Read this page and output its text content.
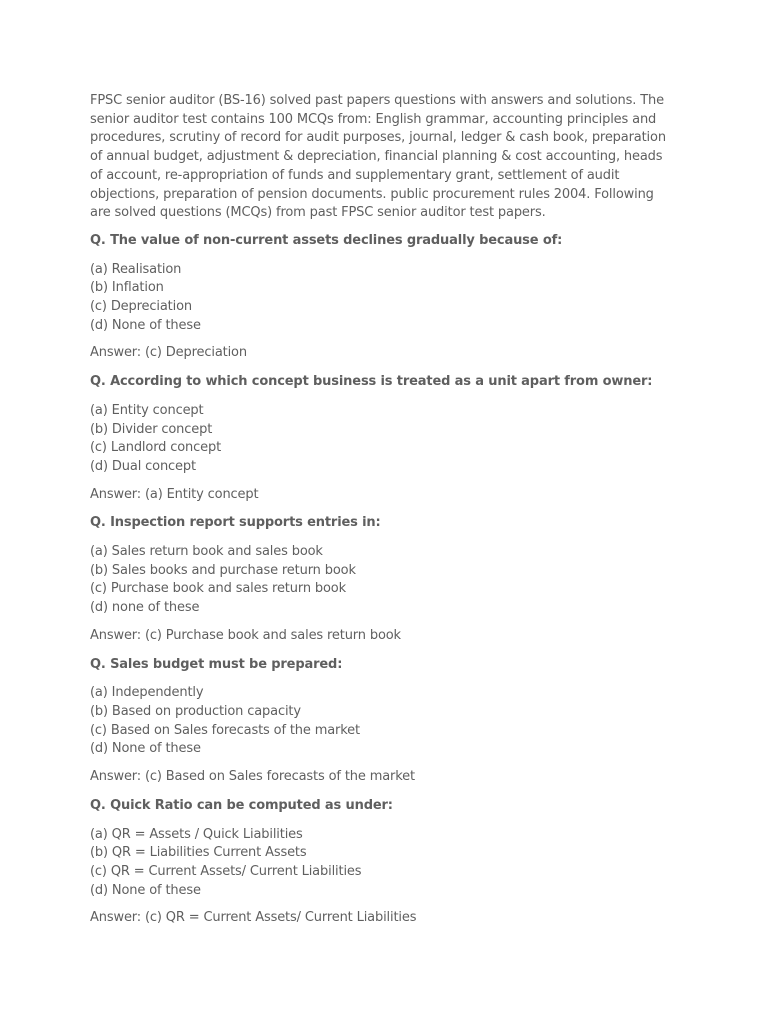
FPSC senior auditor (BS-16) solved past papers questions with answers and solutions. The senior auditor test contains 100 MCQs from: English grammar, accounting principles and procedures, scrutiny of record for audit purposes, journal, ledger & cash book, preparation of annual budget, adjustment & depreciation, financial planning & cost accounting, heads of account, re-appropriation of funds and supplementary grant, settlement of audit objections, preparation of pension documents. public procurement rules 2004. Following are solved questions (MCQs) from past FPSC senior auditor test papers.

Q. The value of non-current assets declines gradually because of:

(a) Realisation
(b) Inflation
(c) Depreciation
(d) None of these

Answer: (c) Depreciation

Q. According to which concept business is treated as a unit apart from owner:

(a) Entity concept
(b) Divider concept
(c) Landlord concept
(d) Dual concept

Answer: (a) Entity concept

Q. Inspection report supports entries in:

(a) Sales return book and sales book
(b) Sales books and purchase return book
(c) Purchase book and sales return book
(d) none of these

Answer: (c) Purchase book and sales return book

Q. Sales budget must be prepared:

(a) Independently
(b) Based on production capacity
(c) Based on Sales forecasts of the market
(d) None of these

Answer: (c) Based on Sales forecasts of the market

Q. Quick Ratio can be computed as under:

(a) QR = Assets / Quick Liabilities
(b) QR = Liabilities Current Assets
(c) QR = Current Assets/ Current Liabilities
(d) None of these

Answer: (c) QR = Current Assets/ Current Liabilities
